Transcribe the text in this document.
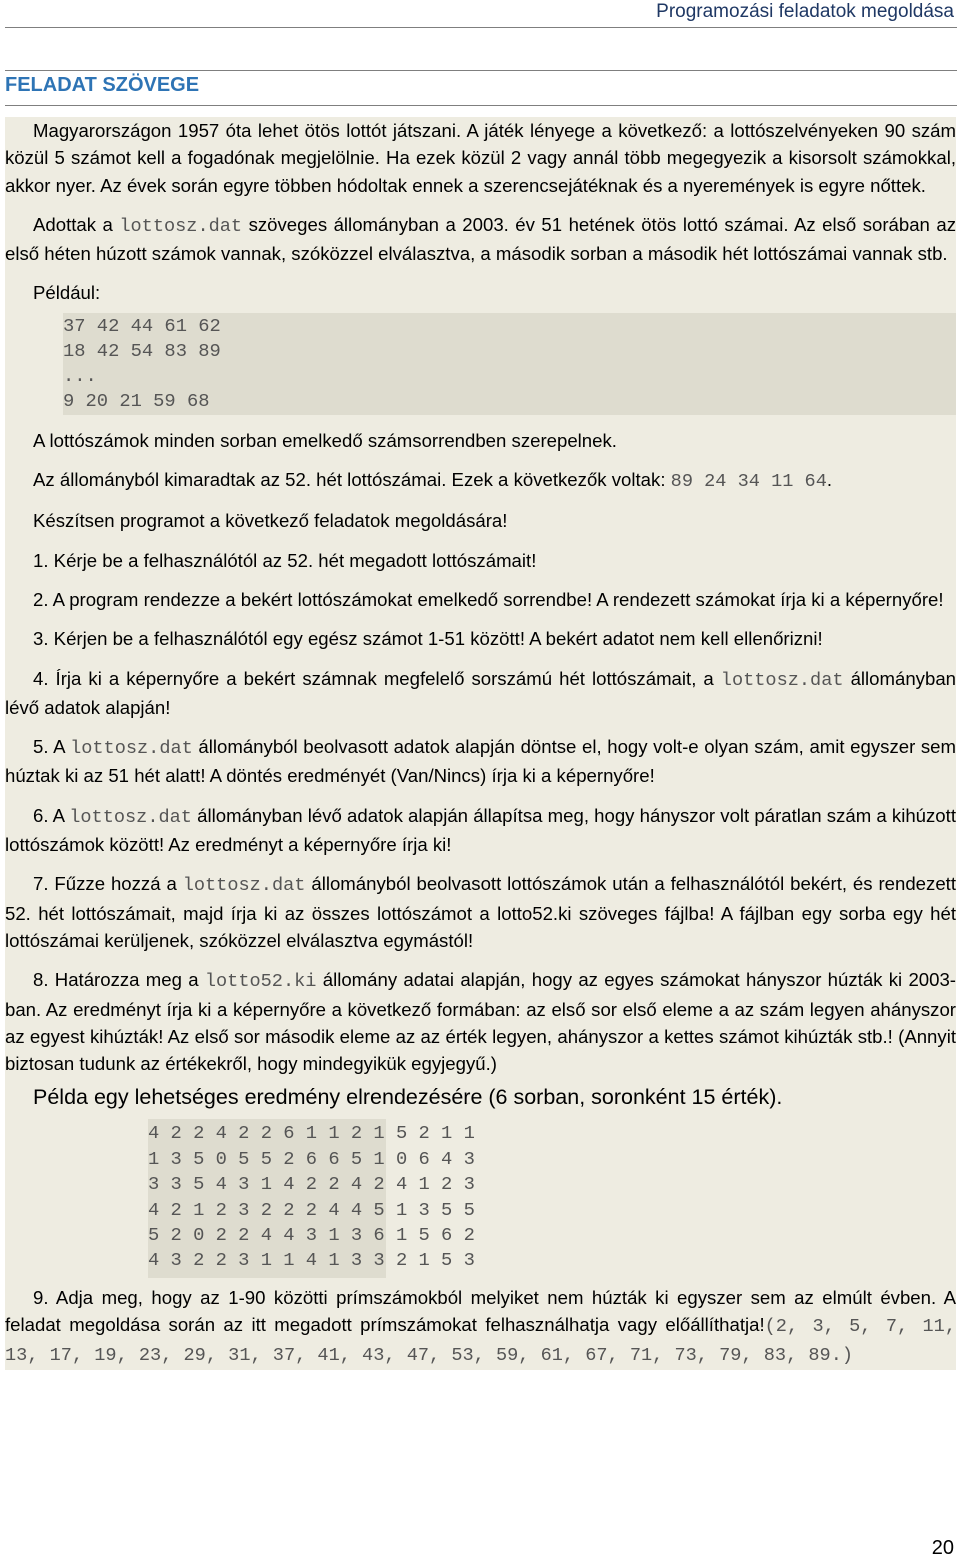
Programozási feladatok megoldása
FELADAT SZÖVEGE

Magyarországon 1957 óta lehet ötös lottót játszani. A játék lényege a következő: a lottószelvényeken 90 szám közül 5 számot kell a fogadónak megjelölnie. Ha ezek közül 2 vagy annál több megegyezik a kisorsolt számokkal, akkor nyer. Az évek során egyre többen hódoltak ennek a szerencsejátéknak és a nyeremények is egyre nőttek.

Adottak a lottosz.dat szöveges állományban a 2003. év 51 hetének ötös lottó számai. Az első sorában az első héten húzott számok vannak, szóközzel elválasztva, a második sorban a második hét lottószámai vannak stb.

Például:

37 42 44 61 62
18 42 54 83 89
...
9 20 21 59 68

A lottószámok minden sorban emelkedő számsorrendben szerepelnek.

Az állományból kimaradtak az 52. hét lottószámai. Ezek a következők voltak: 89 24 34 11 64.

Készítsen programot a következő feladatok megoldására!

1. Kérje be a felhasználótól az 52. hét megadott lottószámait!

2. A program rendezze a bekért lottószámokat emelkedő sorrendbe! A rendezett számokat írja ki a képernyőre!

3. Kérjen be a felhasználótól egy egész számot 1-51 között! A bekért adatot nem kell ellenőrizni!

4. Írja ki a képernyőre a bekért számnak megfelelő sorszámú hét lottószámait, a lottosz.dat állományban lévő adatok alapján!

5. A lottosz.dat állományból beolvasott adatok alapján döntse el, hogy volt-e olyan szám, amit egyszer sem húztak ki az 51 hét alatt! A döntés eredményét (Van/Nincs) írja ki a képernyőre!

6. A lottosz.dat állományban lévő adatok alapján állapítsa meg, hogy hányszor volt páratlan szám a kihúzott lottószámok között! Az eredményt a képernyőre írja ki!

7. Fűzze hozzá a lottosz.dat állományból beolvasott lottószámok után a felhasználótól bekért, és rendezett 52. hét lottószámait, majd írja ki az összes lottószámot a lotto52.ki szöveges fájlba! A fájlban egy sorba egy hét lottószámai kerüljenek, szóközzel elválasztva egymástól!

8. Határozza meg a lotto52.ki állomány adatai alapján, hogy az egyes számokat hányszor húzták ki 2003-ban. Az eredményt írja ki a képernyőre a következő formában: az első sor első eleme a az szám legyen ahányszor az egyest kihúzták! Az első sor második eleme az az érték legyen, ahányszor a kettes számot kihúzták stb.! (Annyit biztosan tudunk az értékekről, hogy mindegyikük egyjegyű.)

Példa egy lehetséges eredmény elrendezésére (6 sorban, soronként 15 érték).
4 2 2 4 2 2 6 1 1 2 1 5 2 1 1
1 3 5 0 5 5 2 6 6 5 1 0 6 4 3
3 3 5 4 3 1 4 2 2 4 2 4 1 2 3
4 2 1 2 3 2 2 2 4 4 5 1 3 5 5
5 2 0 2 2 4 4 3 1 3 6 1 5 6 2
4 3 2 2 3 1 1 4 1 3 3 2 1 5 3

9. Adja meg, hogy az 1-90 közötti prímszámokból melyiket nem húzták ki egyszer sem az elmúlt évben. A feladat megoldása során az itt megadott prímszámokat felhasználhatja vagy előállíthatja!(2, 3, 5, 7, 11, 13, 17, 19, 23, 29, 31, 37, 41, 43, 47, 53, 59, 61, 67, 71, 73, 79, 83, 89.)

20
